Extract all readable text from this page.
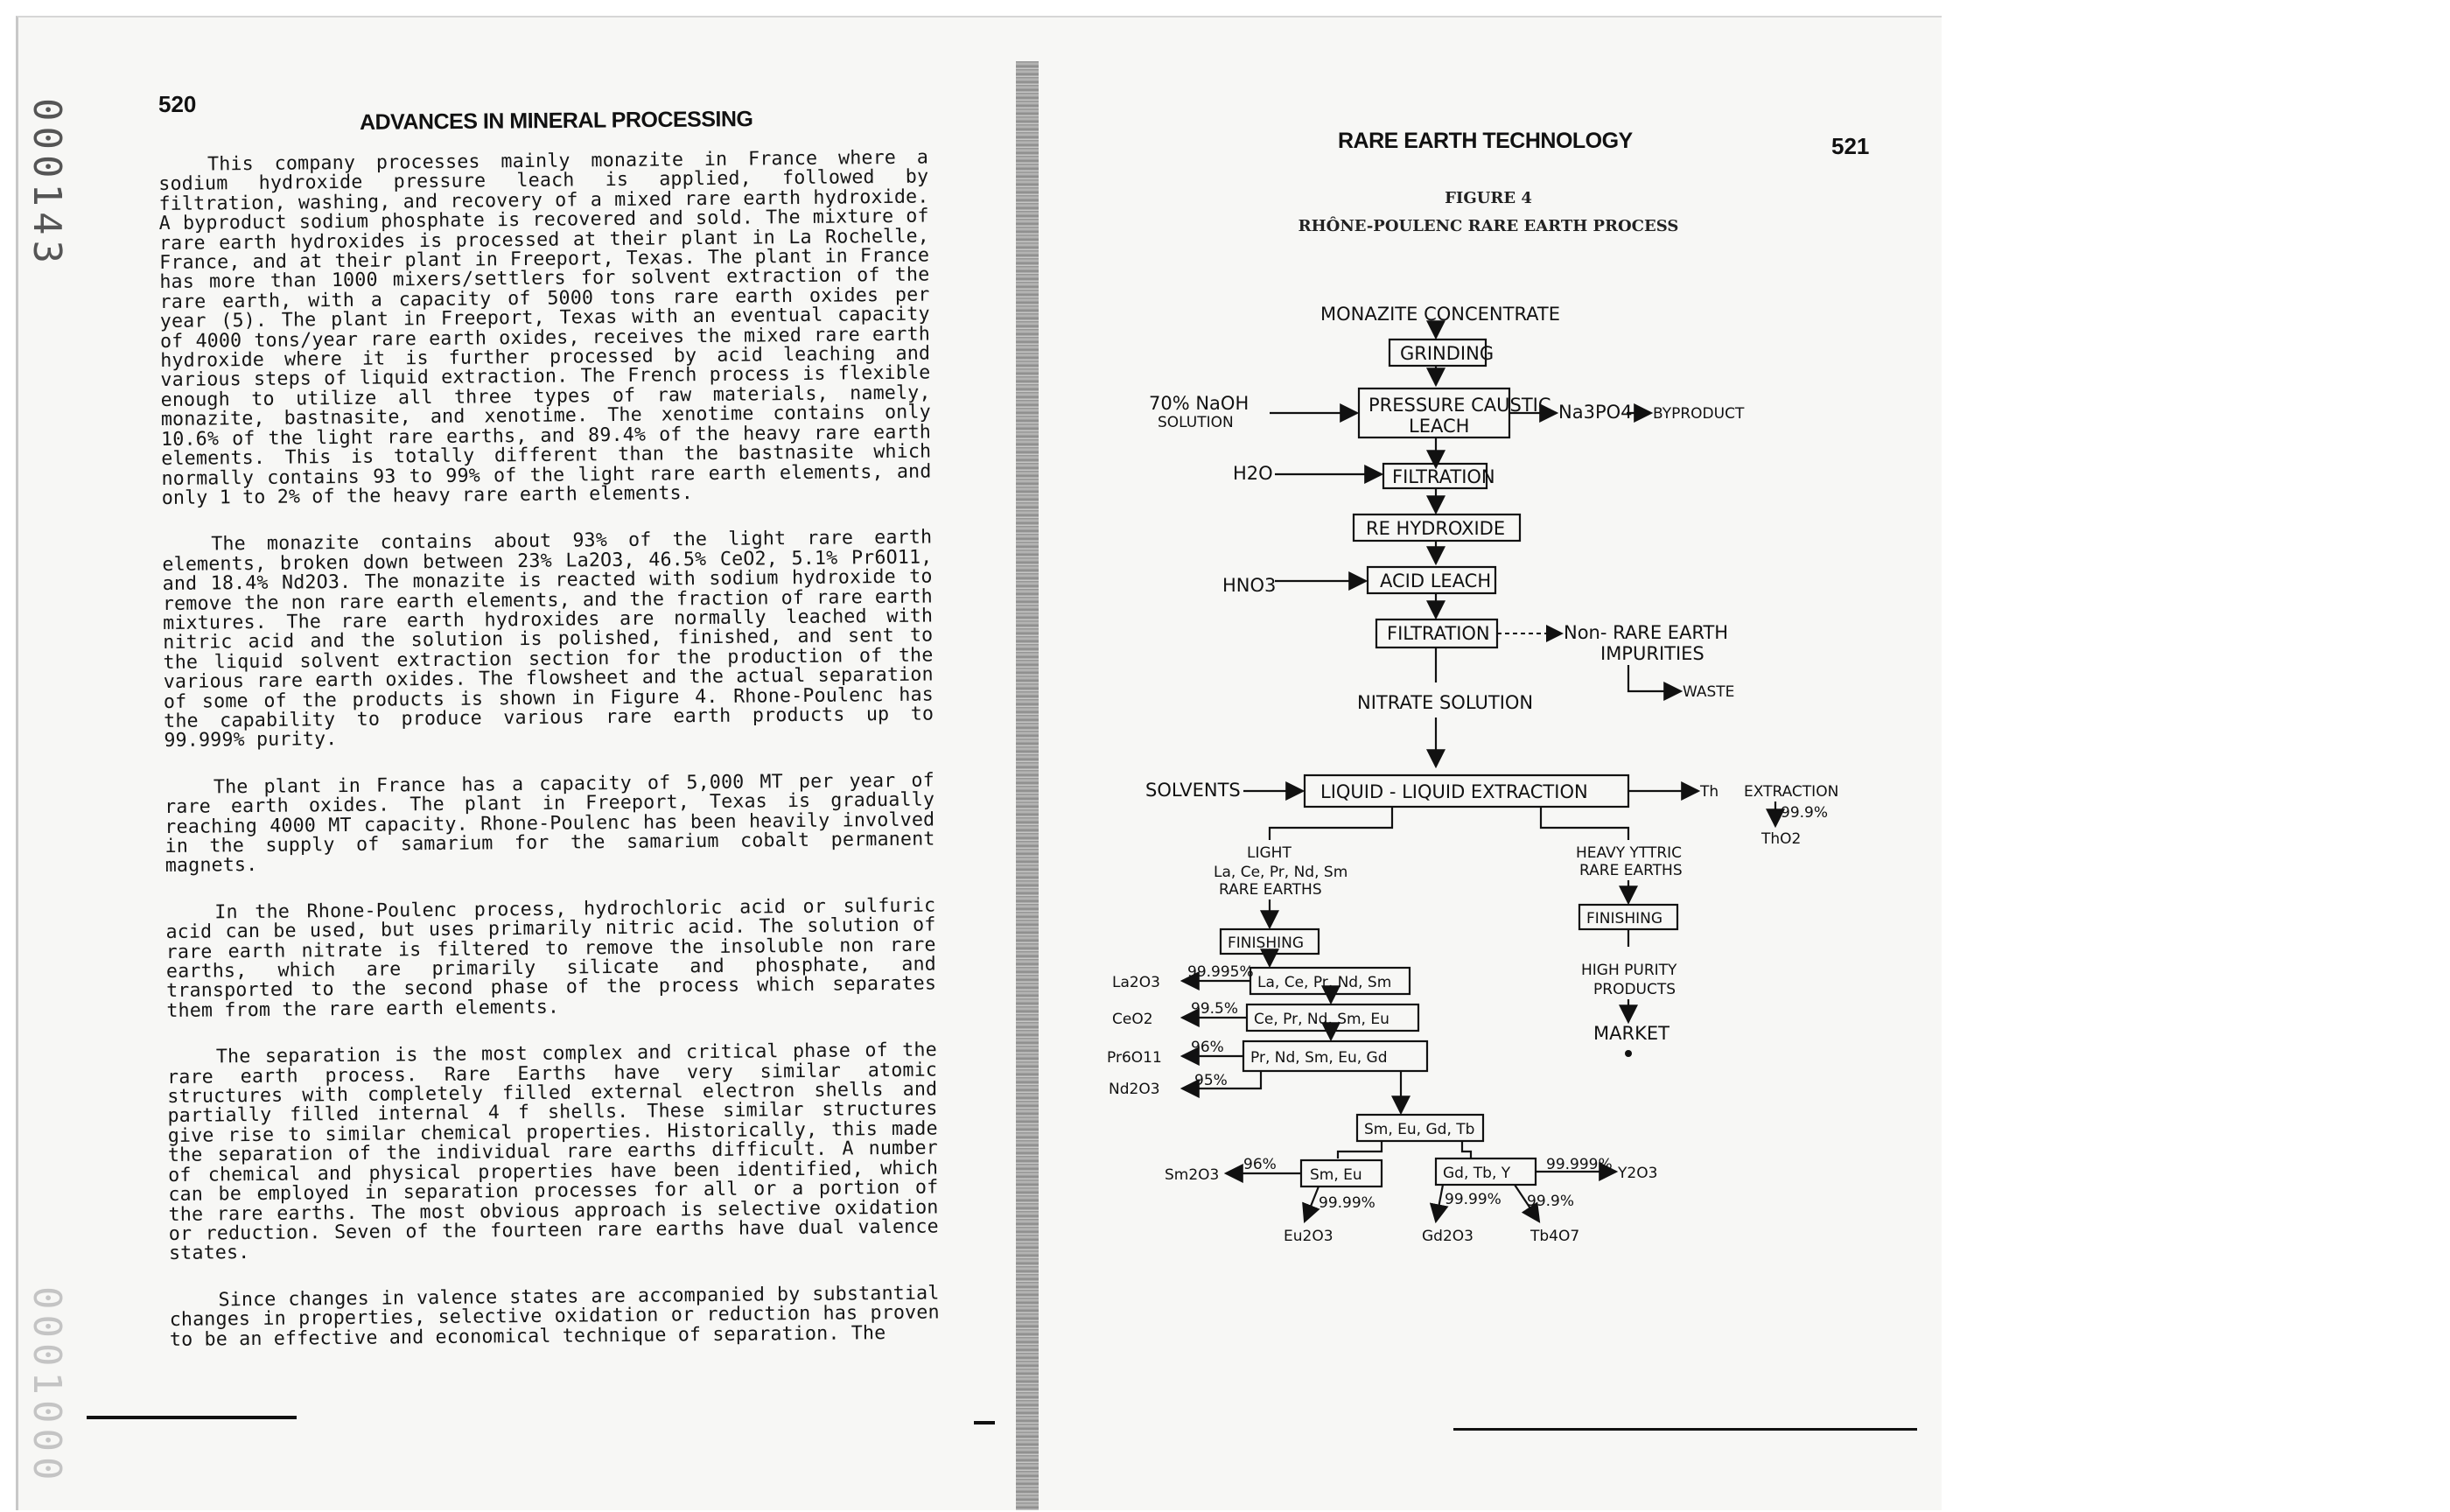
000143
0001000
520
ADVANCES IN MINERAL PROCESSING

This company processes mainly monazite in France where a sodium hydroxide pressure leach is applied, followed by filtration, washing, and recovery of a mixed rare earth hydroxide. A byproduct sodium phosphate is recovered and sold. The mixture of rare earth hydroxides is processed at their plant in La Rochelle, France, and at their plant in Freeport, Texas. The plant in France has more than 1000 mixers/settlers for solvent extraction of the rare earth, with a capacity of 5000 tons rare earth oxides per year (5). The plant in Freeport, Texas with an eventual capacity of 4000 tons/year rare earth oxides, receives the mixed rare earth hydroxide where it is further processed by acid leaching and various steps of liquid extraction. The French process is flexible enough to utilize all three types of raw materials, namely, monazite, bastnasite, and xenotime. The xenotime contains only 10.6% of the light rare earths, and 89.4% of the heavy rare earth elements. This is totally different than the bastnasite which normally contains 93 to 99% of the light rare earth elements, and only 1 to 2% of the heavy rare earth elements.

The monazite contains about 93% of the light rare earth elements, broken down between 23% La2O3, 46.5% CeO2, 5.1% Pr6O11, and 18.4% Nd2O3. The monazite is reacted with sodium hydroxide to remove the non rare earth elements, and the fraction of rare earth mixtures. The rare earth hydroxides are normally leached with nitric acid and the solution is polished, finished, and sent to the liquid solvent extraction section for the production of the various rare earth oxides. The flowsheet and the actual separation of some of the products is shown in Figure 4. Rhone-Poulenc has the capability to produce various rare earth products up to 99.999% purity.

The plant in France has a capacity of 5,000 MT per year of rare earth oxides. The plant in Freeport, Texas is gradually reaching 4000 MT capacity. Rhone-Poulenc has been heavily involved in the supply of samarium for the samarium cobalt permanent magnets.

In the Rhone-Poulenc process, hydrochloric acid or sulfuric acid can be used, but uses primarily nitric acid. The solution of rare earth nitrate is filtered to remove the insoluble non rare earths, which are primarily silicate and phosphate, and transported to the second phase of the process which separates them from the rare earth elements.

The separation is the most complex and critical phase of the rare earth process. Rare Earths have very similar atomic structures with completely filled external electron shells and partially filled internal 4 f shells. These similar structures give rise to similar chemical properties. Historically, this made the separation of the individual rare earths difficult. A number of chemical and physical properties have been identified, which can be employed in separation processes for all or a portion of the rare earths. The most obvious approach is selective oxidation or reduction. Seven of the fourteen rare earths have dual valence states.

Since changes in valence states are accompanied by substantial changes in properties, selective oxidation or reduction has proven to be an effective and economical technique of separation. The

RARE EARTH TECHNOLOGY	521
FIGURE 4
RHÔNE-POULENC RARE EARTH PROCESS
MONAZITE CONCENTRATE
GRINDING
70% NaOH
SOLUTION
PRESSURE CAUSTIC
LEACH
Na3PO4 BYPRODUCT
H2O	FILTRATION
RE HYDROXIDE
HNO3	ACID LEACH
FILTRATION	Non- RARE EARTH
IMPURITIES
WASTE
NITRATE SOLUTION
SOLVENTS	LIQUID - LIQUID EXTRACTION	Th EXTRACTION
99.9%
ThO2
LIGHT
La, Ce, Pr, Nd, Sm
RARE EARTHS
HEAVY YTTRIC
RARE EARTHS
FINISHING
FINISHING
HIGH PURITY
PRODUCTS
MARKET
La, Ce, Pr, Nd, Sm
La2O3
99.995%
Ce, Pr, Nd, Sm, Eu
CeO2
99.5%
Pr, Nd, Sm, Eu, Gd
Pr6O11
96%
Nd2O3 95%
Sm, Eu, Gd, Tb
Sm, Eu
Sm2O3
96%
99.99%
Eu2O3
Gd, Tb, Y 99.999% Y2O3
99.99%
Gd2O3
99.9%
Tb4O7
